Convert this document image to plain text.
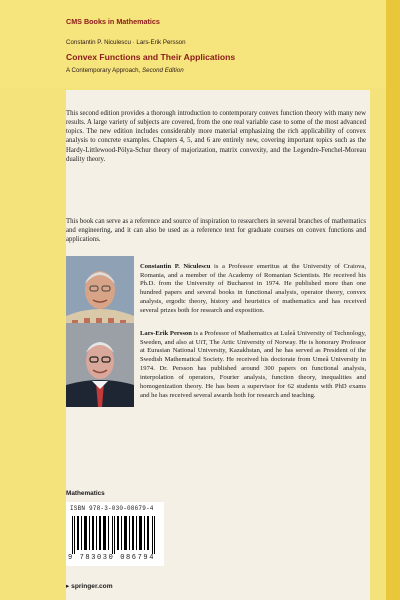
CMS Books in Mathematics
Constantin P. Niculescu · Lars-Erik Persson
Convex Functions and Their Applications
A Contemporary Approach, Second Edition

This second edition provides a thorough introduction to contemporary convex function theory with many new results. A large variety of subjects are covered, from the one real variable case to some of the most advanced topics. The new edition includes considerably more material emphasizing the rich applicability of convex analysis to concrete examples. Chapters 4, 5, and 6 are entirely new, covering important topics such as the Hardy-Littlewood-Pólya-Schur theory of majorization, matrix convexity, and the Legendre-Fenchel-Moreau duality theory.

This book can serve as a reference and source of inspiration to researchers in several branches of mathematics and engineering, and it can also be used as a reference text for graduate courses on convex functions and applications.

Constantin P. Niculescu is a Professor emeritus at the University of Craiova, Romania, and a member of the Academy of Romanian Scientists. He received his Ph.D. from the University of Bucharest in 1974. He published more than one hundred papers and several books in functional analysis, operator theory, convex analysis, ergodic theory, history and heuristics of mathematics and has received several prizes both for research and exposition.

Lars-Erik Persson is a Professor of Mathematics at Luleå University of Technology, Sweden, and also at UiT, The Artic University of Norway. He is honorary Professor at Eurasian National University, Kazakhstan, and he has served as President of the Swedish Mathematical Society. He received his doctorate from Umeå University in 1974. Dr. Persson has published around 300 papers on functional analysis, interpolation of operators, Fourier analysis, function theory, inequalities and homogenization theory. He has been a supervisor for 62 students with PhD exams and he has received several awards both for research and teaching.

Mathematics
ISBN 978-3-030-08679-4
9 783030 086794
▸ springer.com
